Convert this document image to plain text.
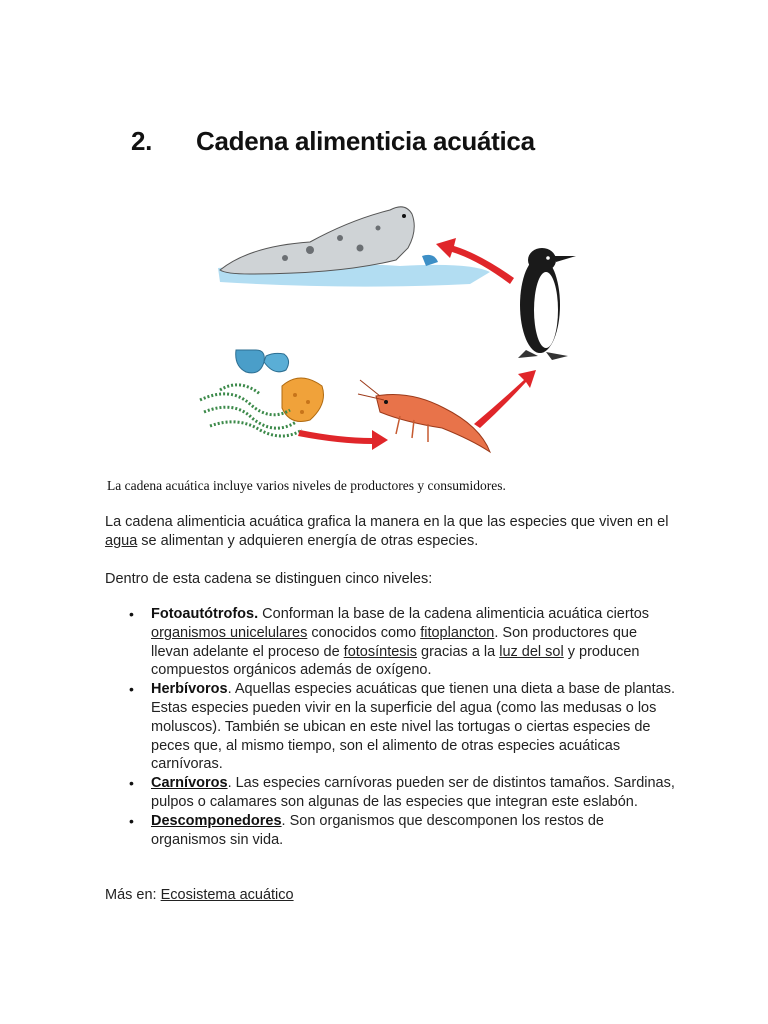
2. Cadena alimenticia acuática

La cadena acuática incluye varios niveles de productores y consumidores.

La cadena alimenticia acuática grafica la manera en la que las especies que viven en el agua se alimentan y adquieren energía de otras especies.

Dentro de esta cadena se distinguen cinco niveles:

• Fotoautótrofos. Conforman la base de la cadena alimenticia acuática ciertos organismos unicelulares conocidos como fitoplancton. Son productores que llevan adelante el proceso de fotosíntesis gracias a la luz del sol y producen compuestos orgánicos además de oxígeno.
• Herbívoros. Aquellas especies acuáticas que tienen una dieta a base de plantas. Estas especies pueden vivir en la superficie del agua (como las medusas o los moluscos). También se ubican en este nivel las tortugas o ciertas especies de peces que, al mismo tiempo, son el alimento de otras especies acuáticas carnívoras.
• Carnívoros. Las especies carnívoras pueden ser de distintos tamaños. Sardinas, pulpos o calamares son algunas de las especies que integran este eslabón.
• Descomponedores. Son organismos que descomponen los restos de organismos sin vida.

Más en: Ecosistema acuático
